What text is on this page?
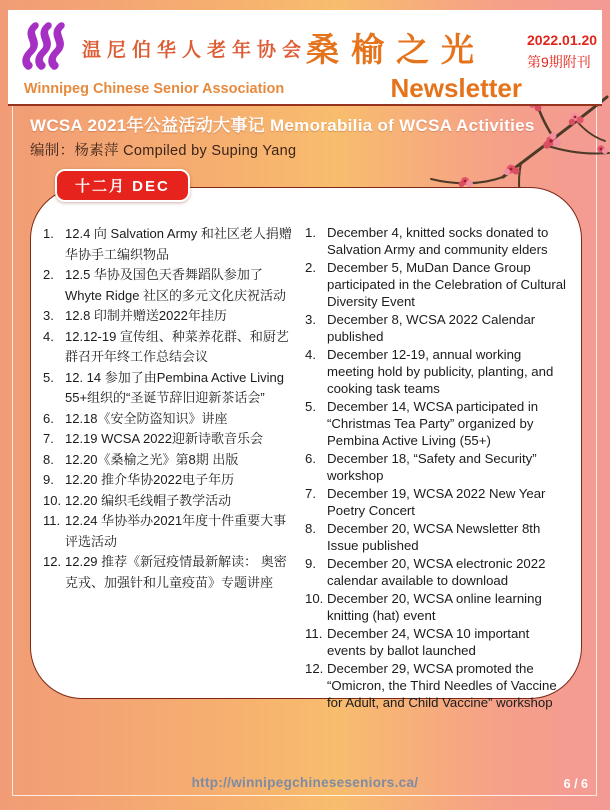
温尼伯华人老年协会
Winnipeg Chinese Senior Association
桑榆之光
Newsletter
2022.01.20
第9期附刊
WCSA 2021年公益活动大事记 Memorabilia of WCSA Activities
编制：杨素萍 Compiled by Suping Yang
十二月 DEC
1. 12.4 向 Salvation Army 和社区老人捐赠华协手工编织物品
2. 12.5 华协及国色天香舞蹈队参加了 Whyte Ridge 社区的多元文化庆祝活动
3. 12.8 印制并赠送2022年挂历
4. 12.12-19 宣传组、种菜养花群、和厨艺群召开年终工作总结会议
5. 12. 14 参加了由Pembina Active Living 55+组织的“圣诞节辞旧迎新茶话会”
6. 12.18《安全防盗知识》讲座
7. 12.19 WCSA 2022迎新诗歌音乐会
8. 12.20《桑榆之光》第8期 出版
9. 12.20 推介华协2022电子年历
10. 12.20 编织毛线帽子教学活动
11. 12.24 华协举办2021年度十件重要大事评选活动
12. 12.29 推荐《新冠疫情最新解读： 奥密克戎、加强针和儿童疫苗》专题讲座
1. December 4, knitted socks donated to Salvation Army and community elders
2. December 5, MuDan Dance Group participated in the Celebration of Cultural Diversity Event
3. December 8, WCSA 2022 Calendar published
4. December 12-19, annual working meeting hold by publicity, planting, and cooking task teams
5. December 14, WCSA participated in “Christmas Tea Party” organized by Pembina Active Living (55+)
6. December 18, “Safety and Security” workshop
7. December 19, WCSA 2022 New Year Poetry Concert
8. December 20, WCSA Newsletter 8th Issue published
9. December 20, WCSA electronic 2022 calendar available to download
10. December 20, WCSA online learning knitting (hat) event
11. December 24, WCSA 10 important events by ballot launched
12. December 29, WCSA promoted the “Omicron, the Third Needles of Vaccine for Adult, and Child Vaccine” workshop
http://winnipegchineseseniors.ca/	6 / 6
